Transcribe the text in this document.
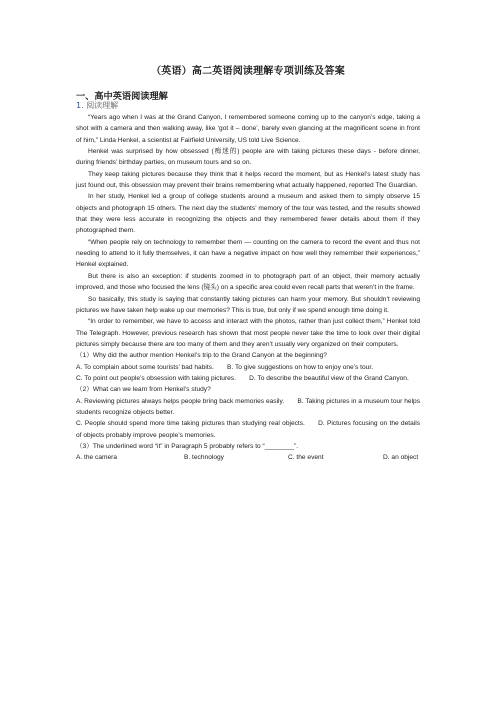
（英语）高二英语阅读理解专项训练及答案
一、高中英语阅读理解
1. 阅读理解

“Years ago when I was at the Grand Canyon, I remembered someone coming up to the canyon’s edge, taking a shot with a camera and then walking away, like ‘got it – done’, barely even glancing at the magnificent scene in front of him,” Linda Henkel, a scientist at Fairfield University, US told Live Science.

Henkel was surprised by how obsessed (痴迷的) people are with taking pictures these days - before dinner, during friends’ birthday parties, on museum tours and so on.

They keep taking pictures because they think that it helps record the moment, but as Henkel’s latest study has just found out, this obsession may prevent their brains remembering what actually happened, reported The Guardian.

In her study, Henkel led a group of college students around a museum and asked them to simply observe 15 objects and photograph 15 others. The next day the students’ memory of the tour was tested, and the results showed that they were less accurate in recognizing the objects and they remembered fewer details about them if they photographed them.

“When people rely on technology to remember them — counting on the camera to record the event and thus not needing to attend to it fully themselves, it can have a negative impact on how well they remember their experiences,” Henkel explained.

But there is also an exception: if students zoomed in to photograph part of an object, their memory actually improved, and those who focused the lens (镜头) on a specific area could even recall parts that weren’t in the frame.

So basically, this study is saying that constantly taking pictures can harm your memory. But shouldn’t reviewing pictures we have taken help wake up our memories? This is true, but only if we spend enough time doing it.

“In order to remember, we have to access and interact with the photos, rather than just collect them,” Henkel told The Telegraph. However, previous research has shown that most people never take the time to look over their digital pictures simply because there are too many of them and they aren’t usually very organized on their computers.

（1）Why did the author mention Henkel’s trip to the Grand Canyon at the beginning?

A. To complain about some tourists’ bad habits.  B. To give suggestions on how to enjoy one’s tour.

C. To point out people’s obsession with taking pictures.  D. To describe the beautiful view of the Grand Canyon.

（2）What can we learn from Henkel’s study?

A. Reviewing pictures always helps people bring back memories easily.  B. Taking pictures in a museum tour helps students recognize objects better.

C. People should spend more time taking pictures than studying real objects.  D. Pictures focusing on the details of objects probably improve people’s memories.

（3）The underlined word “it” in Paragraph 5 probably refers to “________”.

A. the camera	B. technology	C. the event	D. an object
